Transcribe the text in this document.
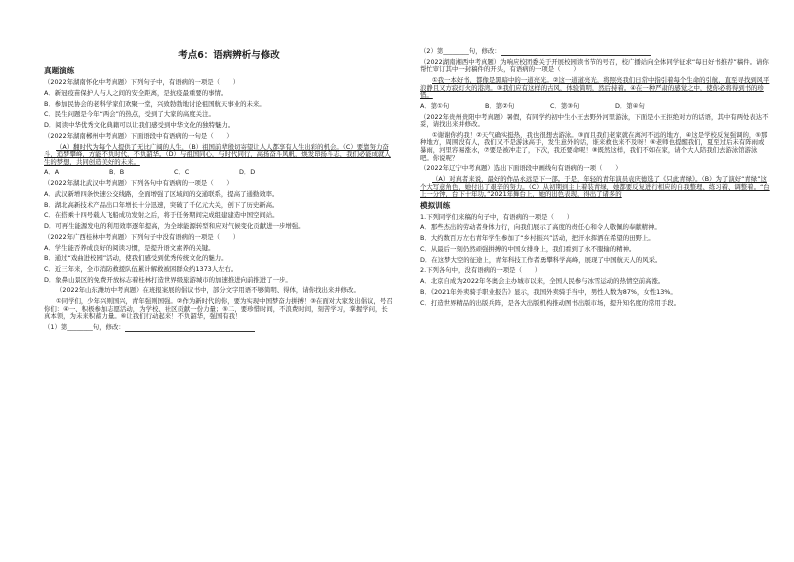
考点6：语病辨析与修改
真题演练

（2022年湖南怀化中考真题）下列句子中，有语病的一项是（　　）

A．新冠疫苗保护人与人之间的安全距离，是抗疫最重要的事情。

B．参加民协会的老科学家们欢聚一堂，兴致勃勃地讨论祖国航天事业的未来。

C．民生问题是今年“两会”的热点，受到了大家的高度关注。

D．阅读中华优秀文化典籍可以让我们感受到中华文化的独特魅力。

（2022年湖南郴州中考真题）下面语段中有语病的一句是（　　）

（A）翻时代为每个人提供了无比广阔的人生，（B）祖国前辈殷切寄望让人人都享有人生出彩的机会。（C）要靠努力奋斗，追梦攀峰，方能不负时代，不负韶华。（D）与祖国同心，与时代同行，高扬奋斗风帆，焕发昂扬斗志，我们必能成就人生的梦想，共同创造美好的未来。

A．A	B．B	C．C	D．D

（2022年湖北武汉中考真题）下列各句中有语病的一项是（　　）

A．武汉新增四条快速公交线路，全面增强了区域间的交通联系，提高了通勤效率。

B．湖北高新技术产品出口年增长十分迅速，突破了千亿元大关，创下了历史新高。

C．在搭乘十四号载人飞船成功发射之后，将于任务期间完成组建建造中国空间站。

D．可再生能源发电的利用效率逐年提高，为全球能源转型和应对气候变化贡献进一步增强。

（2022年广西桂林中考真题）下列句子中没有语病的一项是（　　）

A．学生能否养成良好的阅读习惯，是提升语文素养的关键。

B．通过“戏曲进校园”活动，使我们感受到优秀传统文化的魅力。

C．近三年来，全市消防救援队伍累计解救被困群众约1373人左右。

D．象鼻山景区的免费开放标志着桂林打造世界级旅游城市的加速推进向前推进了一步。

（2022年山东潍坊中考真题）在班报案展的倡议书中，部分文字用语不够简明、得体，请你找出来并修改。

①同学们，少年兴则国兴，青年强则国强。②作为新时代的你，要为实现中国梦奋力拼搏！③在面对大家发出倡议，号召你们：④一、积极参加志愿活动，为学校、社区贡献一份力量；⑤二，要珍惜时间，不浪费时间，刻苦学习，掌握学问，长真本领，为未来积蓄力量。⑥让我们行动起来！不负韶华，强国有我！

（1）第________句，修改：

（2）第________句，修改：

（2022湖南湘西中考真题）为响应校团委关于开展校园读书节的号召，校广播站向全体同学征求“每日好书推荐”稿件。请你帮忙审订其中一封稿件的开头，有语病的一项是（　　）

①我一本好书，都像是黑暗中的一道亮光。②这一道道亮光，将照亮我们日常中指引着每个生命的引航，直至寻找到风平浪静且又方寂灯火的港湾。③我们应有这样的古风，体验简明，然后持着。④在一种严肃的感觉之中，使你必将得到书的珍惜。

A．第①句	B．第②句	C．第③句	D．第④句

（2022年贵州贵阳中考真题）暑假，有同学约初中生小王去野外河里游泳，下面是小王拒绝对方的话语，其中有两处表达不妥，请找出来并修改。

①谢谢你约我！②天气确实挺热，我也很想去游泳。③而且我们老家就在离河不远的地方，④这是学校反复强调的，⑤那种地方，周围没有人，我们又不是游泳高手，发生意外的话，谁来救也来不及呀！⑥老师也提醒我们，夏至过后未有阵雨或暴雨，河里容易涨水，⑦要是被冲走了，下次，我还要命呢！⑧既然这样，我们不如在家，请个大人陪我们去游泳馆游泳吧。你说呢？

（2022年辽宁中考真题）选出下面语段中画线句有语病的一项（　　）

（A）对真者来说，最好的作品永远是下一部。于是，年轻的青年演员袁庆德选了《只此青绿》。（B）为了演好“青绿”这个大写意角色，她付出了艰辛的努力。（C）从初期到主上着装青绿，她都要反复进行相应的自我整理、练习着、调整着。“台上一分钟，台下十年功。”2021年舞台上，她的出色表现，得出了诸多的

模拟训练

1.下列同学们来稿的句子中，有语病的一项是（　　）

A．那些杰出的劳动者身体力行，向我们展示了高度的责任心和令人敬佩的奉献精神。

B．大约数百万左右青年学生参加了“乡村振兴”活动，把汗水挥洒在希望的田野上。

C．从最后一刻仍然顽强拼搏的中国女排身上，我们看到了永不服输的精神。

D．在这梦大空的征途上，青年科技工作者勇攀科学高峰，展现了中国航天人的风采。

2.下列各句中，没有语病的一项是（　　）

A．北京自成为2022年冬奥会主办城市以来，全国人民参与冰雪运动的热情空前高涨。

B．《2021年外卖骑手职业报告》显示，我国外卖骑手当中，男性人数为87%，女性13%。

C．打造世界精品的出版兵阵，是各大出版机构推动图书出版市场，提升知名度的常用手段。
